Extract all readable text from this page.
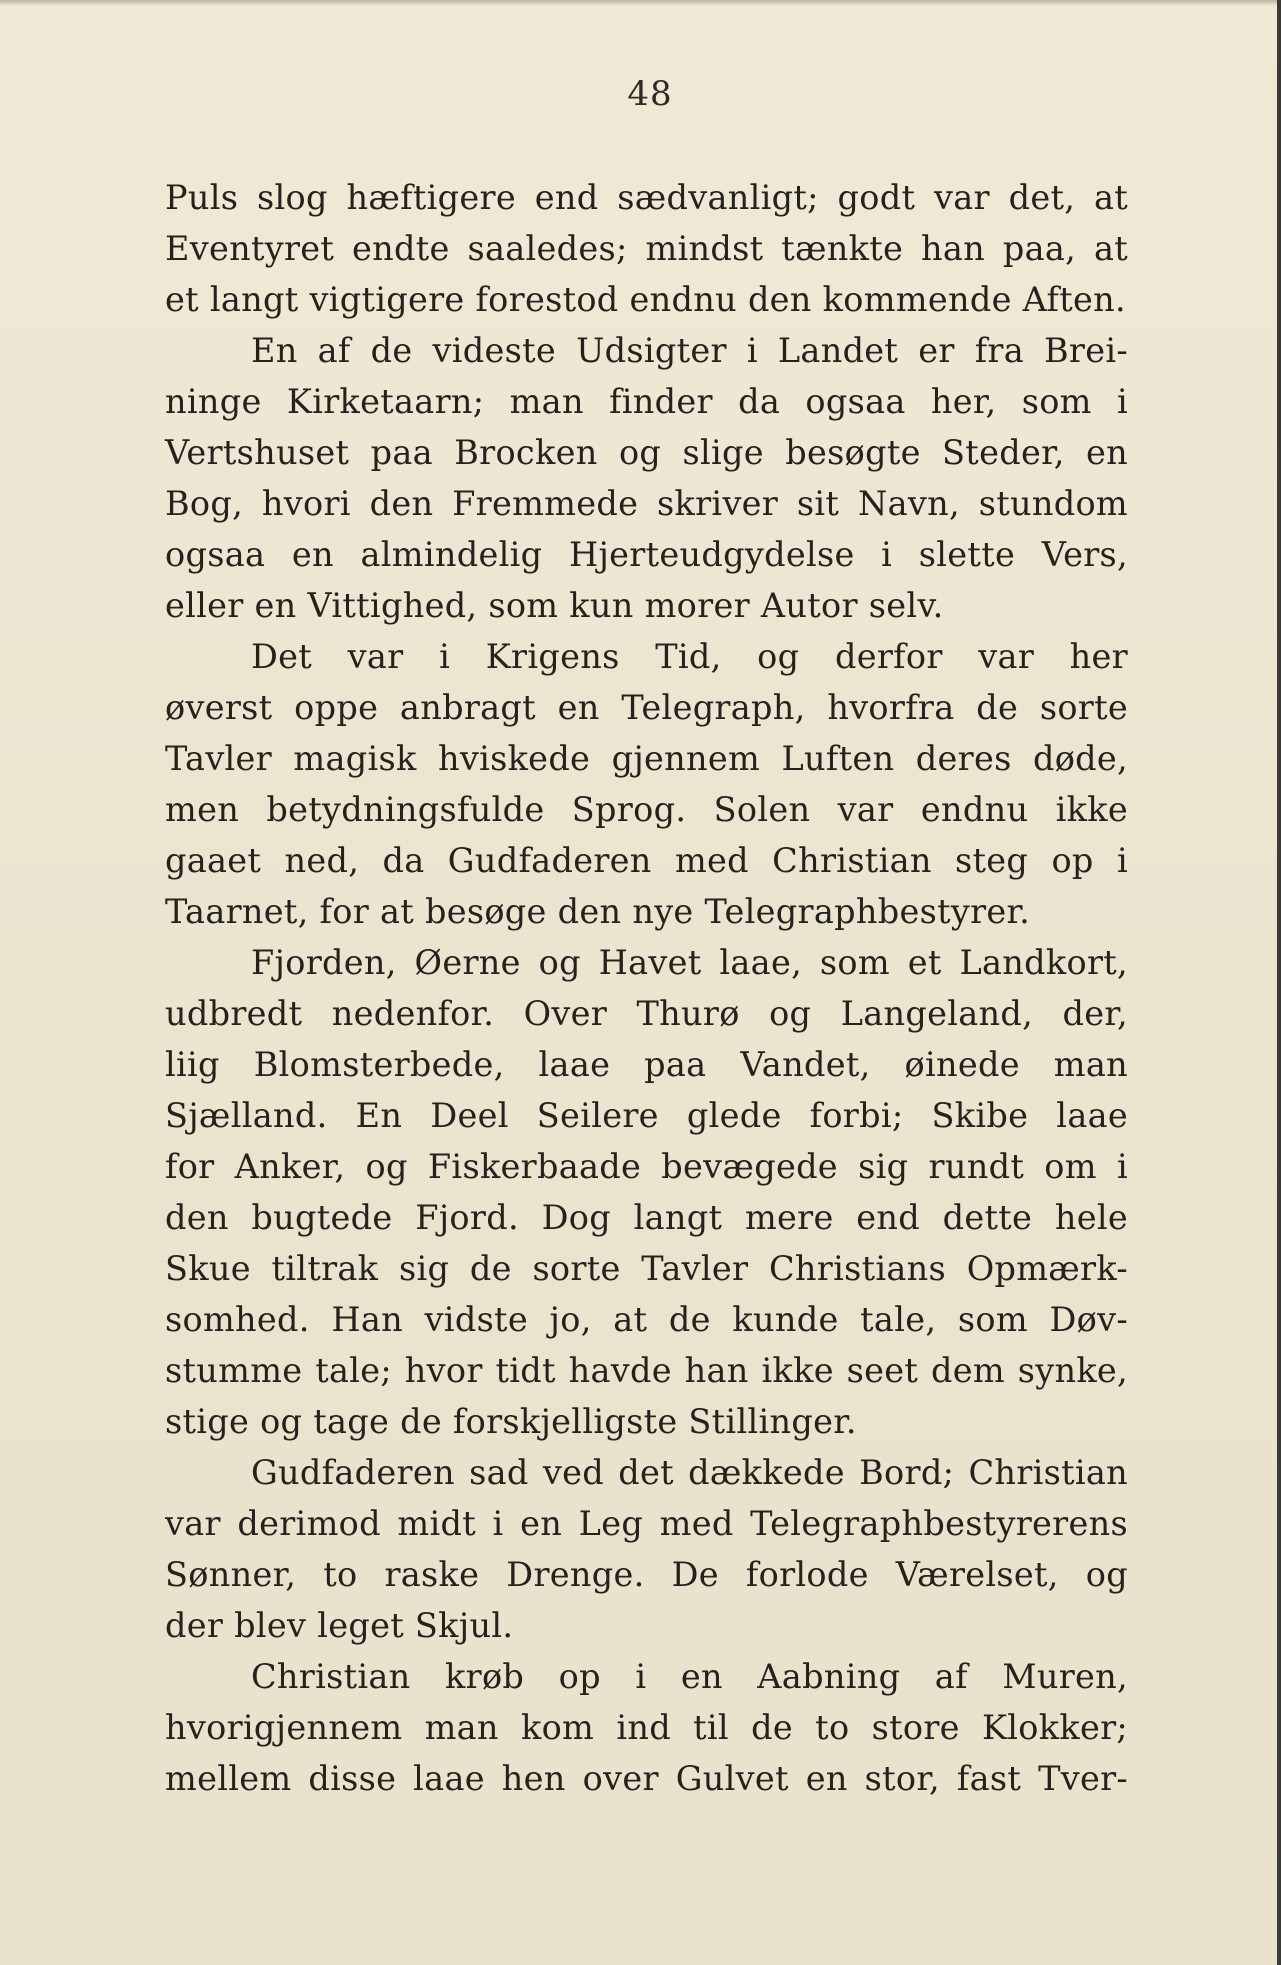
48
Puls slog hæftigere end sædvanligt; godt var det, at
Eventyret endte saaledes; mindst tænkte han paa, at
et langt vigtigere forestod endnu den kommende Aften.
En af de videste Udsigter i Landet er fra Brei-
ninge Kirketaarn; man finder da ogsaa her, som i
Vertshuset paa Brocken og slige besøgte Steder, en
Bog, hvori den Fremmede skriver sit Navn, stundom
ogsaa en almindelig Hjerteudgydelse i slette Vers,
eller en Vittighed, som kun morer Autor selv.
Det var i Krigens Tid, og derfor var her
øverst oppe anbragt en Telegraph, hvorfra de sorte
Tavler magisk hviskede gjennem Luften deres døde,
men betydningsfulde Sprog. Solen var endnu ikke
gaaet ned, da Gudfaderen med Christian steg op i
Taarnet, for at besøge den nye Telegraphbestyrer.
Fjorden, Øerne og Havet laae, som et Landkort,
udbredt nedenfor. Over Thurø og Langeland, der,
liig Blomsterbede, laae paa Vandet, øinede man
Sjælland. En Deel Seilere glede forbi; Skibe laae
for Anker, og Fiskerbaade bevægede sig rundt om i
den bugtede Fjord. Dog langt mere end dette hele
Skue tiltrak sig de sorte Tavler Christians Opmærk-
somhed. Han vidste jo, at de kunde tale, som Døv-
stumme tale; hvor tidt havde han ikke seet dem synke,
stige og tage de forskjelligste Stillinger.
Gudfaderen sad ved det dækkede Bord; Christian
var derimod midt i en Leg med Telegraphbestyrerens
Sønner, to raske Drenge. De forlode Værelset, og
der blev leget Skjul.
Christian krøb op i en Aabning af Muren,
hvorigjennem man kom ind til de to store Klokker;
mellem disse laae hen over Gulvet en stor, fast Tver-
